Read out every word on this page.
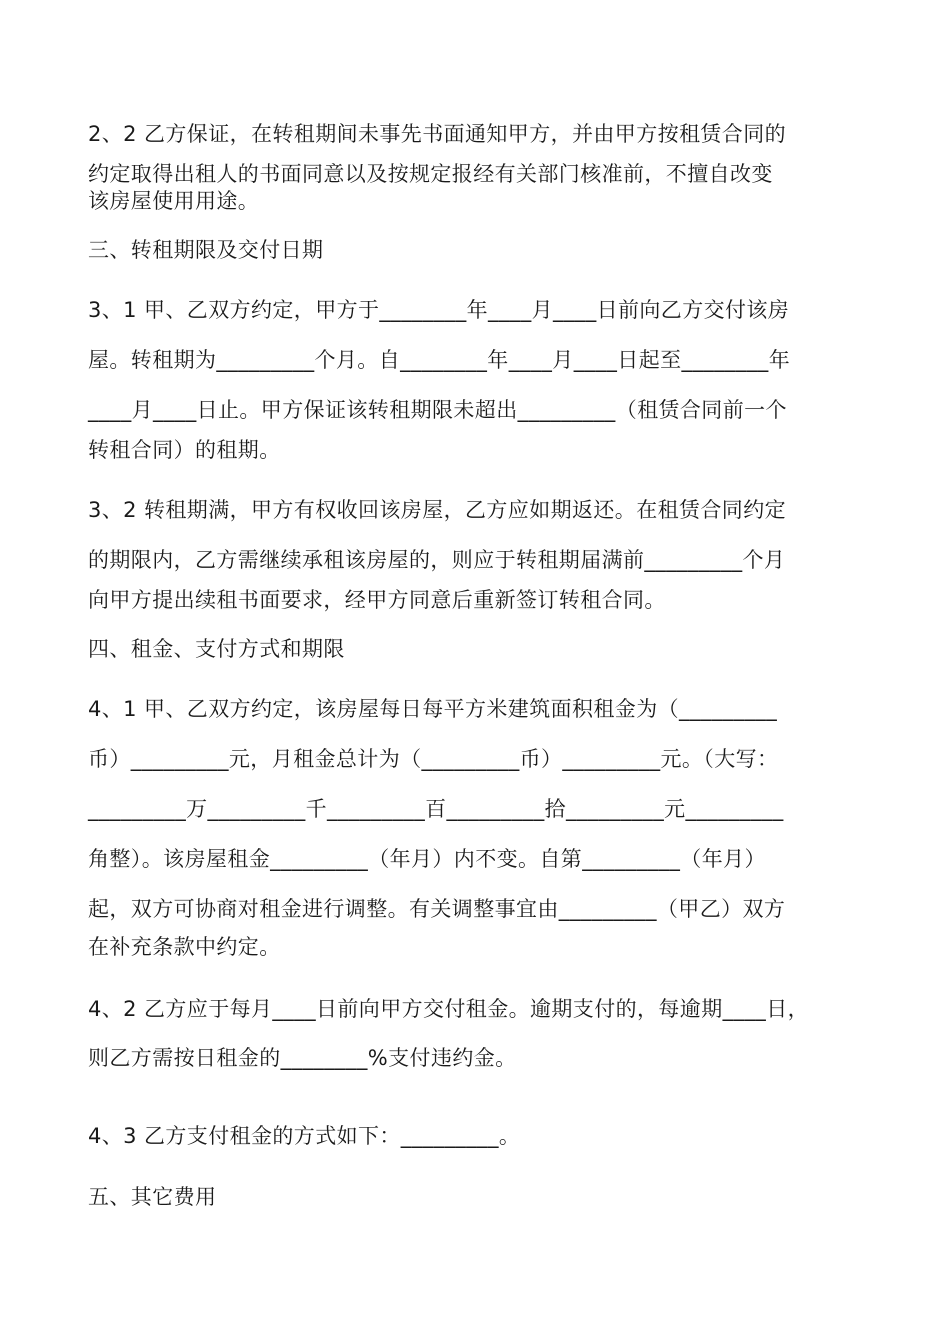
2、2 乙方保证，在转租期间未事先书面通知甲方，并由甲方按租赁合同的
约定取得出租人的书面同意以及按规定报经有关部门核准前，不擅自改变
该房屋使用用途。
三、转租期限及交付日期
3、1 甲、乙双方约定，甲方于________年____月____日前向乙方交付该房
屋。转租期为_________个月。自________年____月____日起至________年
____月____日止。甲方保证该转租期限未超出_________（租赁合同前一个
转租合同）的租期。
3、2 转租期满，甲方有权收回该房屋，乙方应如期返还。在租赁合同约定
的期限内，乙方需继续承租该房屋的，则应于转租期届满前_________个月
向甲方提出续租书面要求，经甲方同意后重新签订转租合同。
四、租金、支付方式和期限
4、1 甲、乙双方约定，该房屋每日每平方米建筑面积租金为（_________
币）_________元，月租金总计为（_________币）_________元。（大写：
_________万_________千_________百_________拾_________元_________
角整）。该房屋租金_________（年月）内不变。自第_________（年月）
起，双方可协商对租金进行调整。有关调整事宜由_________（甲乙）双方
在补充条款中约定。
4、2 乙方应于每月____日前向甲方交付租金。逾期支付的，每逾期____日，
则乙方需按日租金的________%支付违约金。
4、3 乙方支付租金的方式如下：_________。
五、其它费用
